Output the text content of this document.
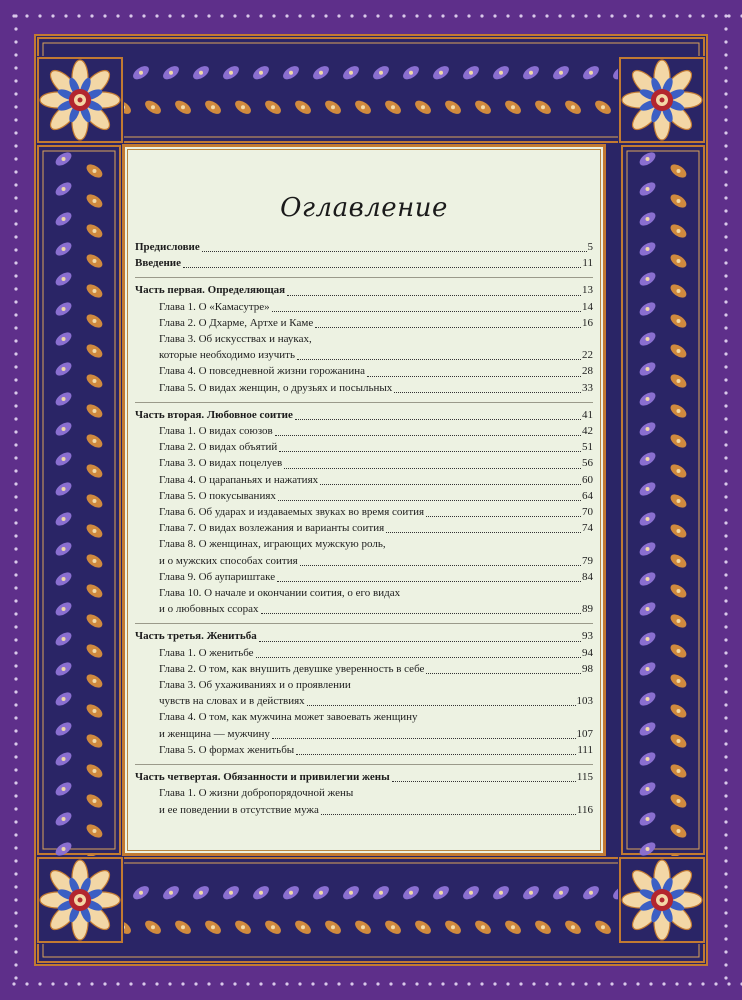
Оглавление
Предисловие	5
Введение	11
Часть первая. Определяющая	13
Глава 1. О «Камасутре»	14
Глава 2. О Дхарме, Артхе и Каме	16
Глава 3. Об искусствах и науках,
которые необходимо изучить	22
Глава 4. О повседневной жизни горожанина	28
Глава 5. О видах женщин, о друзьях и посыльных	33
Часть вторая. Любовное соитие	41
Глава 1. О видах союзов	42
Глава 2. О видах объятий	51
Глава 3. О видах поцелуев	56
Глава 4. О царапаньях и нажатиях	60
Глава 5. О покусываниях	64
Глава 6. Об ударах и издаваемых звуках во время соития	70
Глава 7. О видах возлежания и варианты соития	74
Глава 8. О женщинах, играющих мужскую роль,
и о мужских способах соития	79
Глава 9. Об аупариштаке	84
Глава 10. О начале и окончании соития, о его видах
и о любовных ссорах	89
Часть третья. Женитьба	93
Глава 1. О женитьбе	94
Глава 2. О том, как внушить девушке уверенность в себе	98
Глава 3. Об ухаживаниях и о проявлении
чувств на словах и в действиях	103
Глава 4. О том, как мужчина может завоевать женщину
и женщина — мужчину	107
Глава 5. О формах женитьбы	111
Часть четвертая. Обязанности и привилегии жены	115
Глава 1. О жизни добропорядочной жены
и ее поведении в отсутствие мужа	116
